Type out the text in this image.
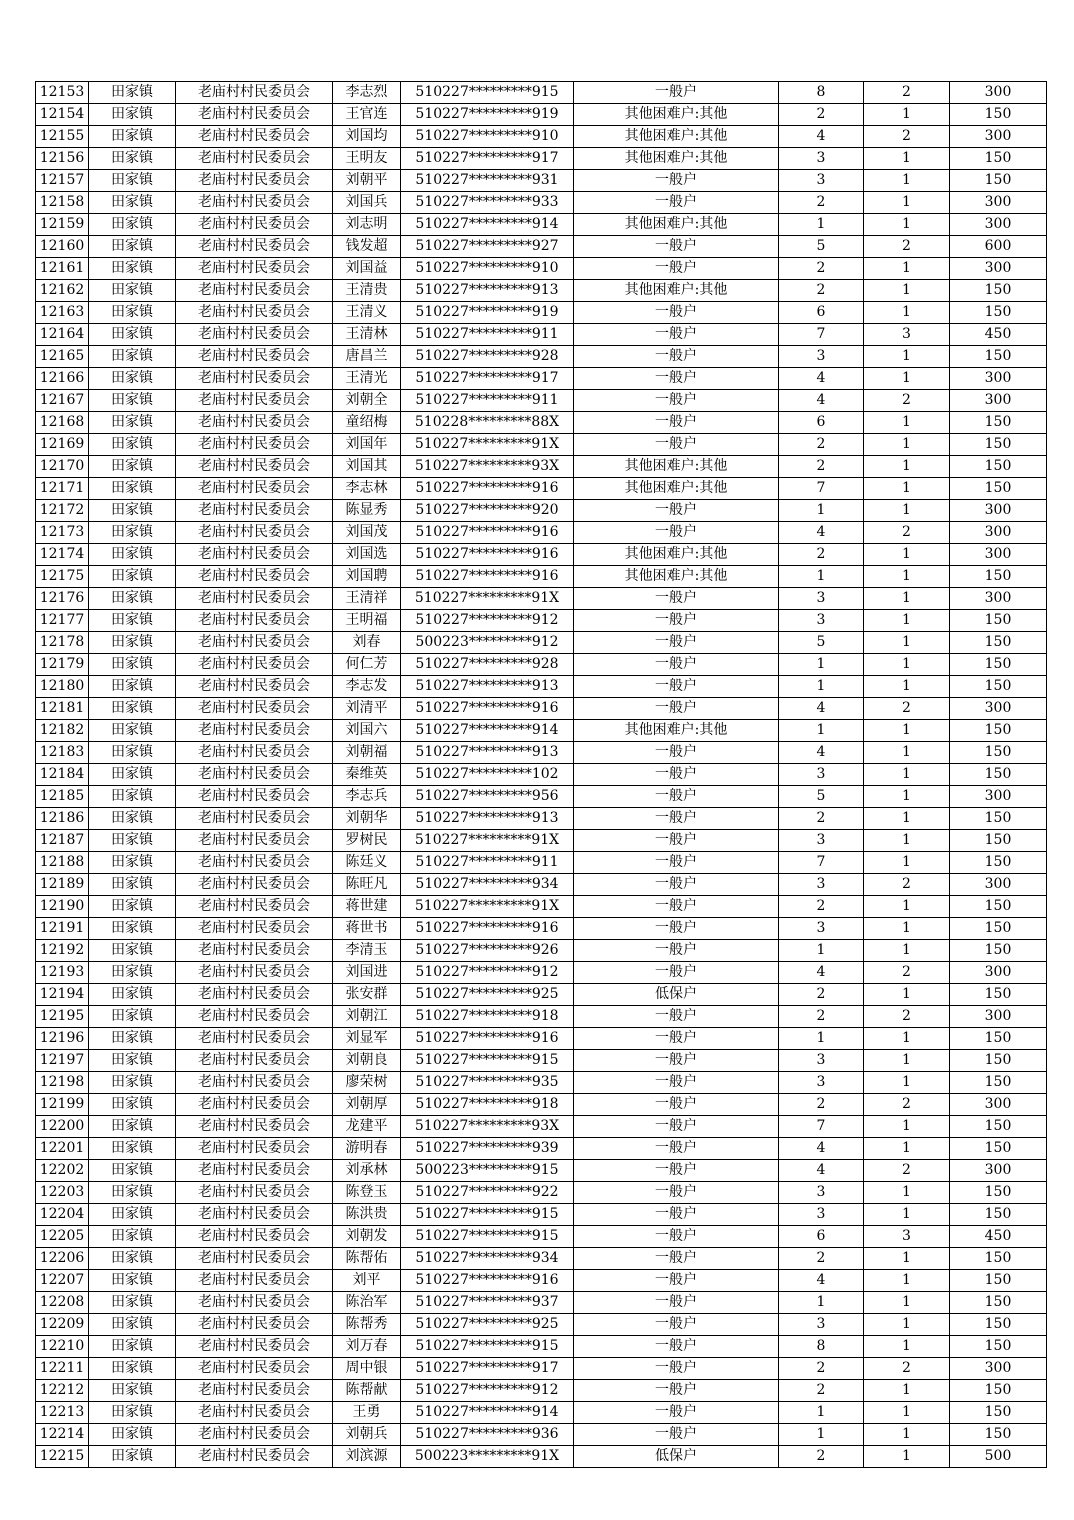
12153	田家镇	老庙村村民委员会	李志烈	510227*********915	一般户	8	2	300
12154	田家镇	老庙村村民委员会	王官连	510227*********919	其他困难户:其他	2	1	150
12155	田家镇	老庙村村民委员会	刘国均	510227*********910	其他困难户:其他	4	2	300
12156	田家镇	老庙村村民委员会	王明友	510227*********917	其他困难户:其他	3	1	150
12157	田家镇	老庙村村民委员会	刘朝平	510227*********931	一般户	3	1	150
12158	田家镇	老庙村村民委员会	刘国兵	510227*********933	一般户	2	1	300
12159	田家镇	老庙村村民委员会	刘志明	510227*********914	其他困难户:其他	1	1	300
12160	田家镇	老庙村村民委员会	钱发超	510227*********927	一般户	5	2	600
12161	田家镇	老庙村村民委员会	刘国益	510227*********910	一般户	2	1	300
12162	田家镇	老庙村村民委员会	王清贵	510227*********913	其他困难户:其他	2	1	150
12163	田家镇	老庙村村民委员会	王清义	510227*********919	一般户	6	1	150
12164	田家镇	老庙村村民委员会	王清林	510227*********911	一般户	7	3	450
12165	田家镇	老庙村村民委员会	唐昌兰	510227*********928	一般户	3	1	150
12166	田家镇	老庙村村民委员会	王清光	510227*********917	一般户	4	1	300
12167	田家镇	老庙村村民委员会	刘朝全	510227*********911	一般户	4	2	300
12168	田家镇	老庙村村民委员会	童绍梅	510228*********88X	一般户	6	1	150
12169	田家镇	老庙村村民委员会	刘国年	510227*********91X	一般户	2	1	150
12170	田家镇	老庙村村民委员会	刘国其	510227*********93X	其他困难户:其他	2	1	150
12171	田家镇	老庙村村民委员会	李志林	510227*********916	其他困难户:其他	7	1	150
12172	田家镇	老庙村村民委员会	陈显秀	510227*********920	一般户	1	1	300
12173	田家镇	老庙村村民委员会	刘国茂	510227*********916	一般户	4	2	300
12174	田家镇	老庙村村民委员会	刘国选	510227*********916	其他困难户:其他	2	1	300
12175	田家镇	老庙村村民委员会	刘国聘	510227*********916	其他困难户:其他	1	1	150
12176	田家镇	老庙村村民委员会	王清祥	510227*********91X	一般户	3	1	300
12177	田家镇	老庙村村民委员会	王明福	510227*********912	一般户	3	1	150
12178	田家镇	老庙村村民委员会	刘春	500223*********912	一般户	5	1	150
12179	田家镇	老庙村村民委员会	何仁芳	510227*********928	一般户	1	1	150
12180	田家镇	老庙村村民委员会	李志发	510227*********913	一般户	1	1	150
12181	田家镇	老庙村村民委员会	刘清平	510227*********916	一般户	4	2	300
12182	田家镇	老庙村村民委员会	刘国六	510227*********914	其他困难户:其他	1	1	150
12183	田家镇	老庙村村民委员会	刘朝福	510227*********913	一般户	4	1	150
12184	田家镇	老庙村村民委员会	秦维英	510227*********102	一般户	3	1	150
12185	田家镇	老庙村村民委员会	李志兵	510227*********956	一般户	5	1	300
12186	田家镇	老庙村村民委员会	刘朝华	510227*********913	一般户	2	1	150
12187	田家镇	老庙村村民委员会	罗树民	510227*********91X	一般户	3	1	150
12188	田家镇	老庙村村民委员会	陈廷义	510227*********911	一般户	7	1	150
12189	田家镇	老庙村村民委员会	陈旺凡	510227*********934	一般户	3	2	300
12190	田家镇	老庙村村民委员会	蒋世建	510227*********91X	一般户	2	1	150
12191	田家镇	老庙村村民委员会	蒋世书	510227*********916	一般户	3	1	150
12192	田家镇	老庙村村民委员会	李清玉	510227*********926	一般户	1	1	150
12193	田家镇	老庙村村民委员会	刘国进	510227*********912	一般户	4	2	300
12194	田家镇	老庙村村民委员会	张安群	510227*********925	低保户	2	1	150
12195	田家镇	老庙村村民委员会	刘朝江	510227*********918	一般户	2	2	300
12196	田家镇	老庙村村民委员会	刘显军	510227*********916	一般户	1	1	150
12197	田家镇	老庙村村民委员会	刘朝良	510227*********915	一般户	3	1	150
12198	田家镇	老庙村村民委员会	廖荣树	510227*********935	一般户	3	1	150
12199	田家镇	老庙村村民委员会	刘朝厚	510227*********918	一般户	2	2	300
12200	田家镇	老庙村村民委员会	龙建平	510227*********93X	一般户	7	1	150
12201	田家镇	老庙村村民委员会	游明春	510227*********939	一般户	4	1	150
12202	田家镇	老庙村村民委员会	刘承林	500223*********915	一般户	4	2	300
12203	田家镇	老庙村村民委员会	陈登玉	510227*********922	一般户	3	1	150
12204	田家镇	老庙村村民委员会	陈洪贵	510227*********915	一般户	3	1	150
12205	田家镇	老庙村村民委员会	刘朝发	510227*********915	一般户	6	3	450
12206	田家镇	老庙村村民委员会	陈帮佑	510227*********934	一般户	2	1	150
12207	田家镇	老庙村村民委员会	刘平	510227*********916	一般户	4	1	150
12208	田家镇	老庙村村民委员会	陈治军	510227*********937	一般户	1	1	150
12209	田家镇	老庙村村民委员会	陈帮秀	510227*********925	一般户	3	1	150
12210	田家镇	老庙村村民委员会	刘万春	510227*********915	一般户	8	1	150
12211	田家镇	老庙村村民委员会	周中银	510227*********917	一般户	2	2	300
12212	田家镇	老庙村村民委员会	陈帮献	510227*********912	一般户	2	1	150
12213	田家镇	老庙村村民委员会	王勇	510227*********914	一般户	1	1	150
12214	田家镇	老庙村村民委员会	刘朝兵	510227*********936	一般户	1	1	150
12215	田家镇	老庙村村民委员会	刘滨源	500223*********91X	低保户	2	1	500
